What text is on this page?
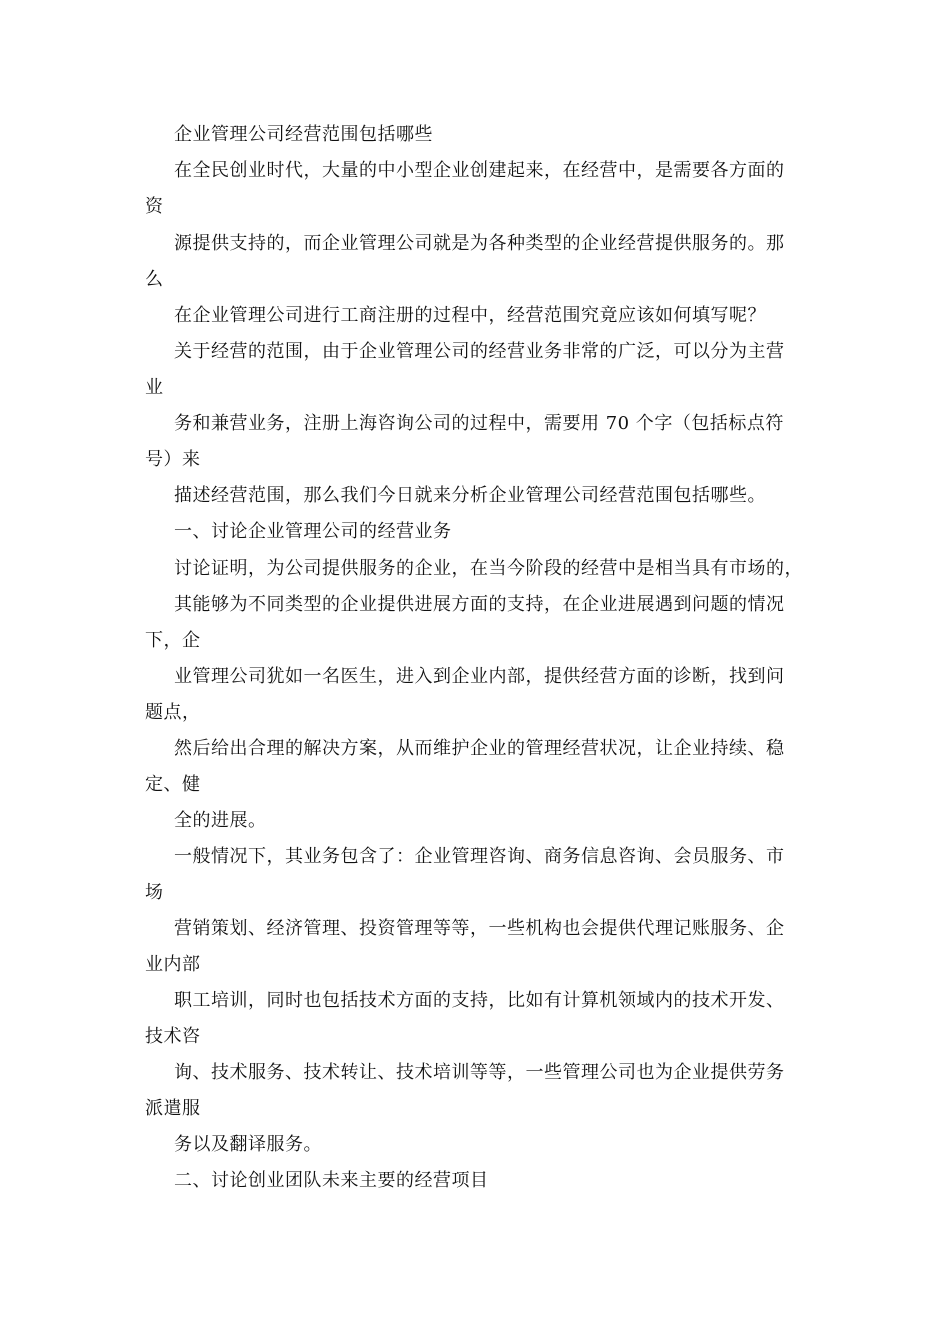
企业管理公司经营范围包括哪些
在全民创业时代，大量的中小型企业创建起来，在经营中，是需要各方面的
资
源提供支持的，而企业管理公司就是为各种类型的企业经营提供服务的。那
么
在企业管理公司进行工商注册的过程中，经营范围究竟应该如何填写呢？
关于经营的范围，由于企业管理公司的经营业务非常的广泛，可以分为主营
业
务和兼营业务，注册上海咨询公司的过程中，需要用 70 个字（包括标点符
号）来
描述经营范围，那么我们今日就来分析企业管理公司经营范围包括哪些。
一、讨论企业管理公司的经营业务
讨论证明，为公司提供服务的企业，在当今阶段的经营中是相当具有市场的，
其能够为不同类型的企业提供进展方面的支持，在企业进展遇到问题的情况
下，企
业管理公司犹如一名医生，进入到企业内部，提供经营方面的诊断，找到问
题点，
然后给出合理的解决方案，从而维护企业的管理经营状况，让企业持续、稳
定、健
全的进展。
一般情况下，其业务包含了：企业管理咨询、商务信息咨询、会员服务、市
场
营销策划、经济管理、投资管理等等，一些机构也会提供代理记账服务、企
业内部
职工培训，同时也包括技术方面的支持，比如有计算机领域内的技术开发、
技术咨
询、技术服务、技术转让、技术培训等等，一些管理公司也为企业提供劳务
派遣服
务以及翻译服务。
二、讨论创业团队未来主要的经营项目
